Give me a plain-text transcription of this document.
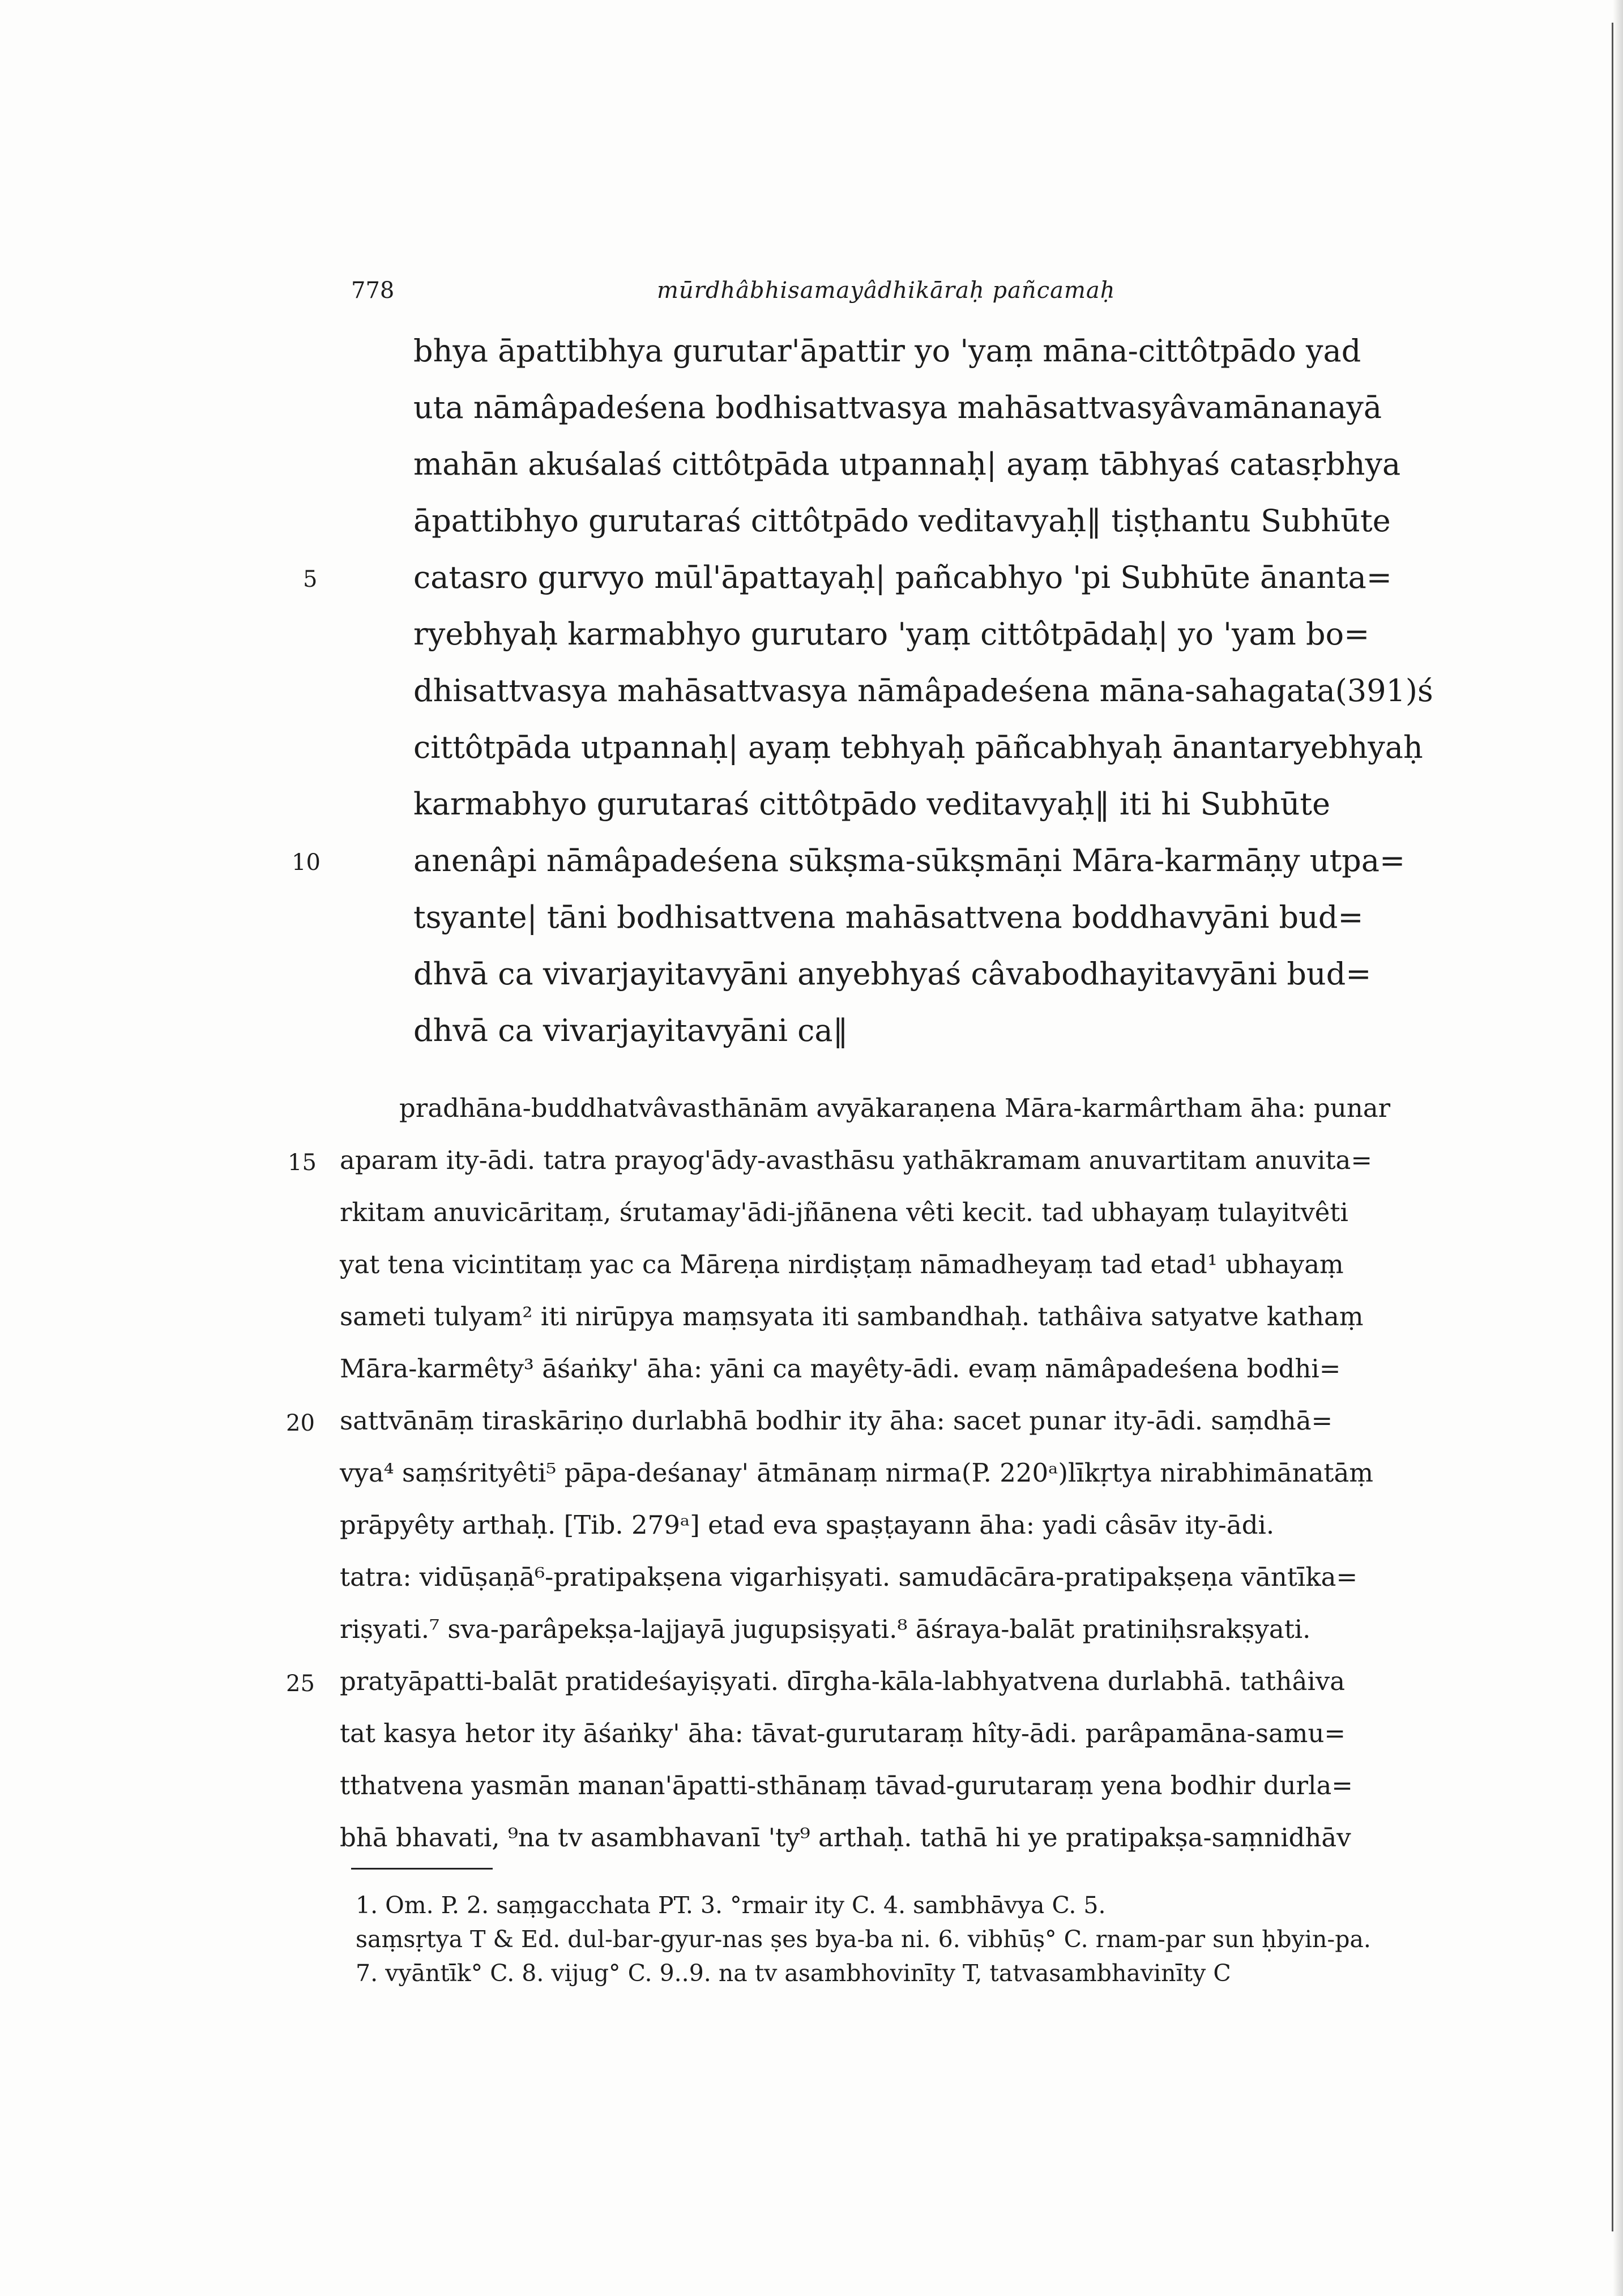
778	mūrdhâbhisamayâdhikāraḥ pañcamaḥ
bhya āpattibhya gurutar'āpattir yo 'yaṃ māna-cittôtpādo yad
uta nāmâpadeśena bodhisattvasya mahāsattvasyâvamānanayā
mahān akuśalaś cittôtpāda utpannaḥ| ayaṃ tābhyaś catasṛbhya
āpattibhyo gurutaraś cittôtpādo veditavyaḥ‖ tiṣṭhantu Subhūte
catasro gurvyo mūl'āpattayaḥ| pañcabhyo 'pi Subhūte ānanta=
ryebhyaḥ karmabhyo gurutaro 'yaṃ cittôtpādaḥ| yo 'yam bo=
dhisattvasya mahāsattvasya nāmâpadeśena māna-sahagata(391)ś
cittôtpāda utpannaḥ| ayaṃ tebhyaḥ pāñcabhyaḥ ānantaryebhyaḥ
karmabhyo gurutaraś cittôtpādo veditavyaḥ‖ iti hi Subhūte
anenâpi nāmâpadeśena sūkṣma-sūkṣmāṇi Māra-karmāṇy utpa=
tsyante| tāni bodhisattvena mahāsattvena boddhavyāni bud=
dhvā ca vivarjayitavyāni anyebhyaś câvabodhayitavyāni bud=
dhvā ca vivarjayitavyāni ca‖
5
10
pradhāna-buddhatvâvasthānām avyākaraṇena Māra-karmârtham āha: punar
aparam ity-ādi. tatra prayog'ādy-avasthāsu yathākramam anuvartitam anuvita=
rkitam anuvicāritaṃ, śrutamay'ādi-jñānena vêti kecit. tad ubhayaṃ tulayitvêti
yat tena vicintitaṃ yac ca Māreṇa nirdiṣṭaṃ nāmadheyaṃ tad etad¹ ubhayaṃ
sameti tulyam² iti nirūpya maṃsyata iti sambandhaḥ. tathâiva satyatve kathaṃ
Māra-karmêty³ āśaṅky' āha: yāni ca mayêty-ādi. evaṃ nāmâpadeśena bodhi=
sattvānāṃ tiraskāriṇo durlabhā bodhir ity āha: sacet punar ity-ādi. saṃdhā=
vya⁴ saṃśrityêti⁵ pāpa-deśanay' ātmānaṃ nirma(P. 220ᵃ)līkṛtya nirabhimānatāṃ
prāpyêty arthaḥ. [Tib. 279ᵃ] etad eva spaṣṭayann āha: yadi câsāv ity-ādi.
tatra: vidūṣaṇā⁶-pratipakṣena vigarhiṣyati. samudācāra-pratipakṣeṇa vāntīka=
riṣyati.⁷ sva-parâpekṣa-lajjayā jugupsiṣyati.⁸ āśraya-balāt pratiniḥsrakṣyati.
pratyāpatti-balāt pratideśayiṣyati. dīrgha-kāla-labhyatvena durlabhā. tathâiva
tat kasya hetor ity āśaṅky' āha: tāvat-gurutaraṃ hîty-ādi. parâpamāna-samu=
tthatvena yasmān manan'āpatti-sthānaṃ tāvad-gurutaraṃ yena bodhir durla=
bhā bhavati, ⁹na tv asambhavanī 'ty⁹ arthaḥ. tathā hi ye pratipakṣa-saṃnidhāv
15
20
25
1. Om. P. 2. saṃgacchata PT. 3. °rmair ity C. 4. sambhāvya C. 5.
saṃsṛtya T & Ed. dul-bar-gyur-nas ṣes bya-ba ni. 6. vibhūṣ° C. rnam-par sun ḥbyin-pa.
7. vyāntīk° C. 8. vijug° C. 9..9. na tv asambhovinīty T, tatvasambhavinīty C
